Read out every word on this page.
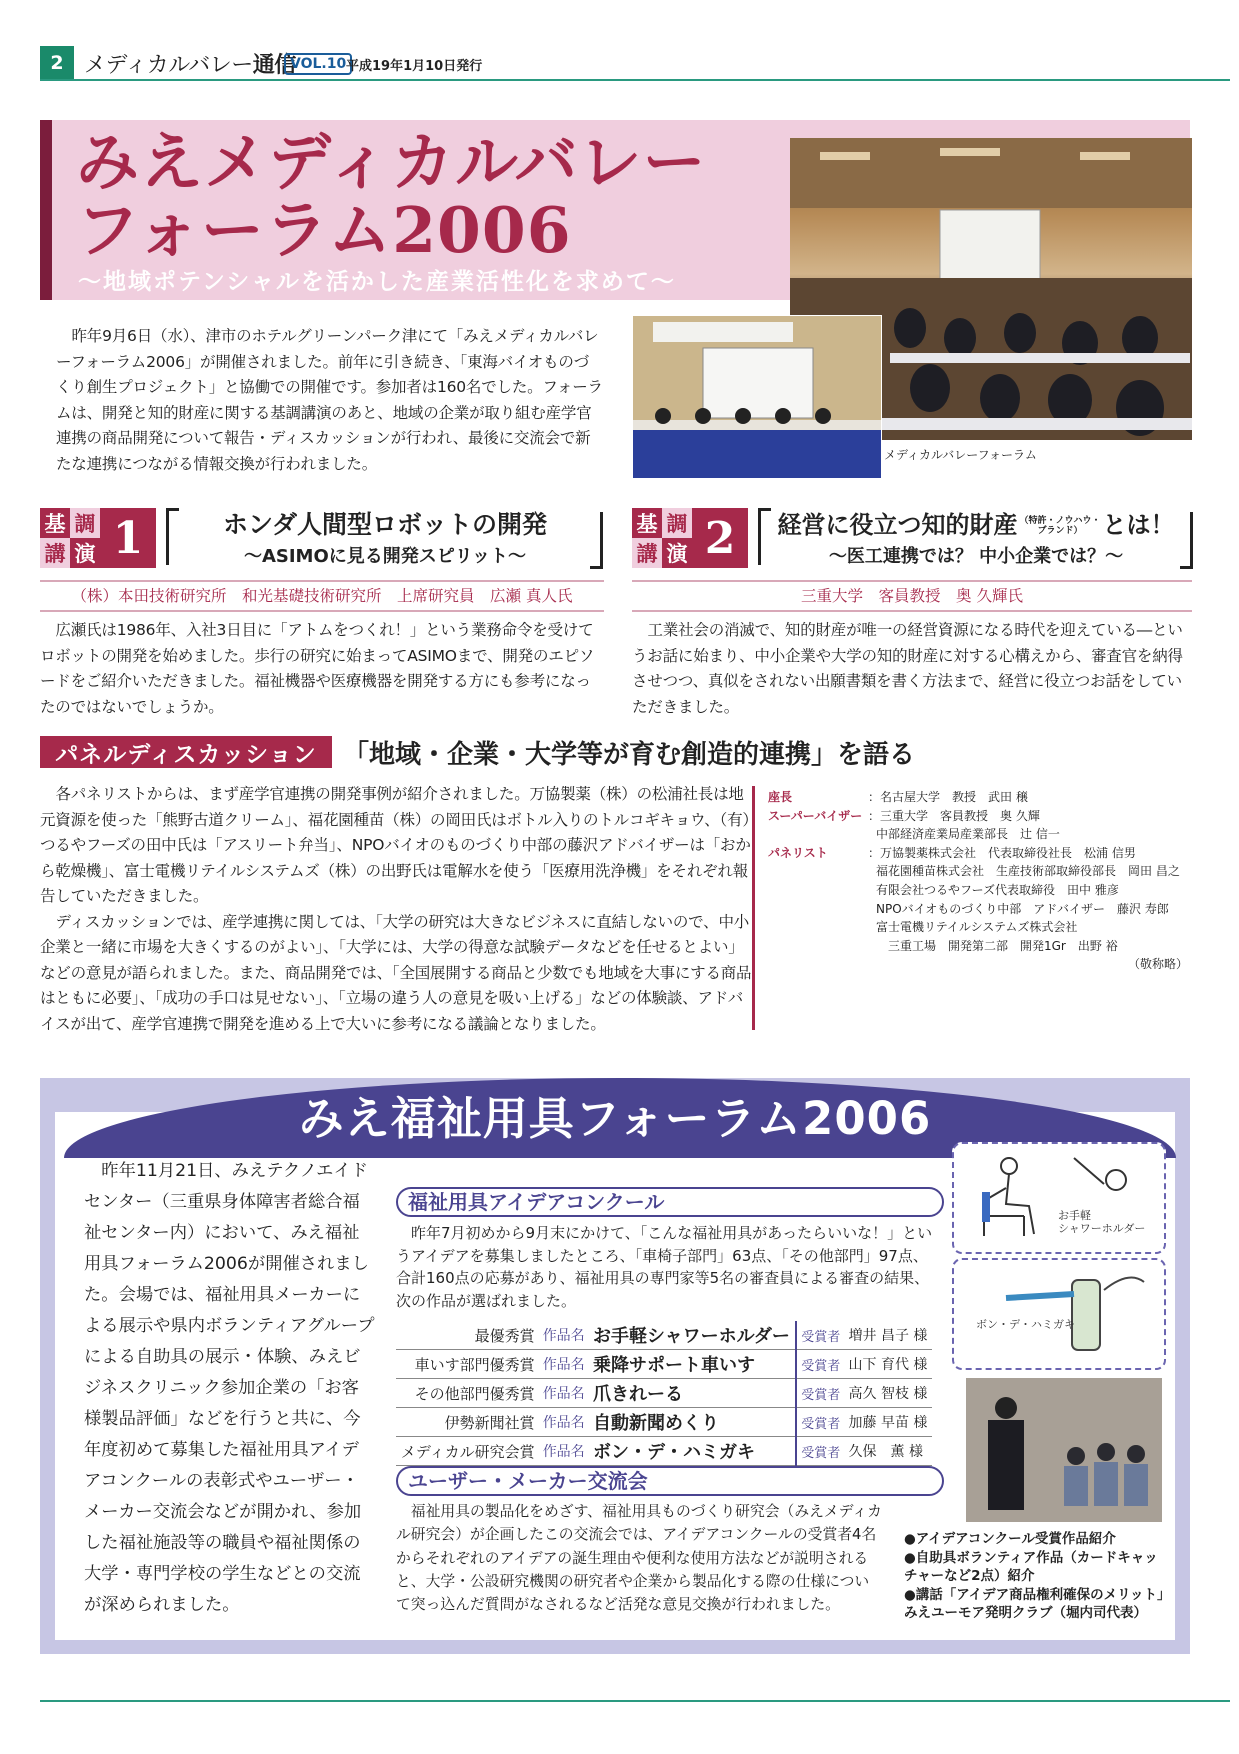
2 メディカルバレー通信
VOL.10 平成19年1月10日発行
みえメディカルバレー
フォーラム2006
〜地域ポテンシャルを活かした産業活性化を求めて〜
メディカルバレーフォーラム

昨年9月6日（水）、津市のホテルグリーンパーク津にて「みえメディカルバレーフォーラム2006」が開催されました。前年に引き続き、「東海バイオものづくり創生プロジェクト」と協働での開催です。参加者は160名でした。フォーラムは、開発と知的財産に関する基調講演のあと、地域の企業が取り組む産学官連携の商品開発について報告・ディスカッションが行われ、最後に交流会で新たな連携につながる情報交換が行われました。

基 調
講 演 1	ホンダ人間型ロボットの開発
〜ASIMOに見る開発スピリット〜
（株）本田技術研究所　和光基礎技術研究所　上席研究員　広瀬 真人氏

広瀬氏は1986年、入社3日目に「アトムをつくれ！」という業務命令を受けてロボットの開発を始めました。歩行の研究に始まってASIMOまで、開発のエピソードをご紹介いただきました。福祉機器や医療機器を開発する方にも参考になったのではないでしょうか。

基 調
講 演 2	経営に役立つ知的財産 （特許・ノウハウ・
ブランド） とは！
〜医工連携では？ 中小企業では？〜
三重大学　客員教授　奥 久輝氏

工業社会の消滅で、知的財産が唯一の経営資源になる時代を迎えている―というお話に始まり、中小企業や大学の知的財産に対する心構えから、審査官を納得させつつ、真似をされない出願書類を書く方法まで、経営に役立つお話をしていただきました。

パネルディスカッション	「地域・企業・大学等が育む創造的連携」を語る

各パネリストからは、まず産学官連携の開発事例が紹介されました。万協製薬（株）の松浦社長は地元資源を使った「熊野古道クリーム」、福花園種苗（株）の岡田氏はボトル入りのトルコギキョウ、（有）つるやフーズの田中氏は「アスリート弁当」、NPOバイオのものづくり中部の藤沢アドバイザーは「おから乾燥機」、富士電機リテイルシステムズ（株）の出野氏は電解水を使う「医療用洗浄機」をそれぞれ報告していただきました。

ディスカッションでは、産学連携に関しては、「大学の研究は大きなビジネスに直結しないので、中小企業と一緒に市場を大きくするのがよい」、「大学には、大学の得意な試験データなどを任せるとよい」などの意見が語られました。また、商品開発では、「全国展開する商品と少数でも地域を大事にする商品はともに必要」、「成功の手口は見せない」、「立場の違う人の意見を吸い上げる」などの体験談、アドバイスが出て、産学官連携で開発を進める上で大いに参考になる議論となりました。

座長	：名古屋大学　教授　武田 穣
スーパーバイザー ：三重大学　客員教授　奥 久輝
中部経済産業局産業部長　辻 信一
パネリスト	：万協製薬株式会社　代表取締役社長　松浦 信男
福花園種苗株式会社　生産技術部取締役部長　岡田 昌之
有限会社つるやフーズ代表取締役　田中 雅彦
NPOバイオものづくり中部　アドバイザー　藤沢 寿郎
富士電機リテイルシステムズ株式会社
　三重工場　開発第二部　開発1Gr　出野 裕
（敬称略）
みえ福祉用具フォーラム2006

昨年11月21日、みえテクノエイドセンター（三重県身体障害者総合福祉センター内）において、みえ福祉用具フォーラム2006が開催されました。会場では、福祉用具メーカーによる展示や県内ボランティアグループによる自助具の展示・体験、みえビジネスクリニック参加企業の「お客様製品評価」などを行うと共に、今年度初めて募集した福祉用具アイデアコンクールの表彰式やユーザー・メーカー交流会などが開かれ、参加した福祉施設等の職員や福祉関係の大学・専門学校の学生などとの交流が深められました。

福祉用具アイデアコンクール

昨年7月初めから9月末にかけて、「こんな福祉用具があったらいいな！」というアイデアを募集しましたところ、「車椅子部門」63点、「その他部門」97点、合計160点の応募があり、福祉用具の専門家等5名の審査員による審査の結果、次の作品が選ばれました。

最優秀賞	作品名	お手軽シャワーホルダー	受賞者	増井 昌子 様
車いす部門優秀賞	作品名	乗降サポート車いす	受賞者	山下 育代 様
その他部門優秀賞	作品名	爪きれーる	受賞者	高久 智枝 様
伊勢新聞社賞	作品名	自動新聞めくり	受賞者	加藤 早苗 様
メディカル研究会賞	作品名	ボン・デ・ハミガキ	受賞者	久保　薫 様
ユーザー・メーカー交流会

福祉用具の製品化をめざす、福祉用具ものづくり研究会（みえメディカル研究会）が企画したこの交流会では、アイデアコンクールの受賞者4名からそれぞれのアイデアの誕生理由や便利な使用方法などが説明されると、大学・公設研究機関の研究者や企業から製品化する際の仕様について突っ込んだ質問がなされるなど活発な意見交換が行われました。

お手軽シャワーホルダー
ボン・デ・ハミガキ
●アイデアコンクール受賞作品紹介
●自助具ボランティア作品（カードキャッチャーなど2点）紹介
●講話「アイデア商品権利確保のメリット」みえユーモア発明クラブ（堀内司代表）
